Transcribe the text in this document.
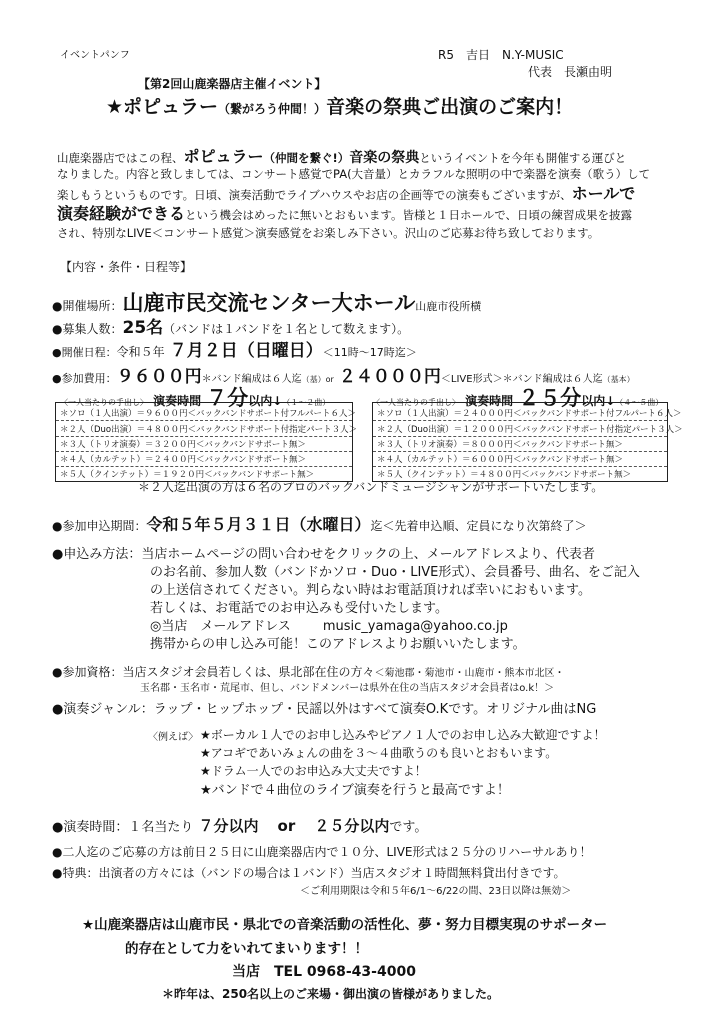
イベントパンフ	R5　吉日　N.Y-MUSIC
代表　長瀬由明
【第2回山鹿楽器店主催イベント】
★ポピュラー（繋がろう仲間！）音楽の祭典ご出演のご案内！
山鹿楽器店ではこの程、ポピュラー（仲間を繋ぐ!）音楽の祭典というイベントを今年も開催する運びと
なりました。内容と致しましては、コンサート感覚でPA(大音量）とカラフルな照明の中で楽器を演奏（歌う）して
楽しもうというものです。日頃、演奏活動でライブハウスやお店の企画等での演奏もございますが、ホールで
演奏経験ができるという機会はめったに無いとおもいます。皆様と１日ホールで、日頃の練習成果を披露
され、特別なLIVE＜コンサート感覚＞演奏感覚をお楽しみ下さい。沢山のご応募お待ち致しております。
【内容・条件・日程等】
●開催場所：山鹿市民交流センター大ホール山鹿市役所横
●募集人数：25名（バンドは１バンドを１名として数えます）。
●開催日程：令和５年 ７月２日（日曜日）＜11時〜17時迄＞
●参加費用：９６００円＊バンド編成は６人迄（基）or ２４０００円＜LIVE形式＞＊バンド編成は６人迄（基本）
〈一人当たりの手出し〉 演奏時間 ７分以内↓（１〜２曲）
＊ソロ（１人出演）＝９６００円＜バックバンドサポート付フルパート６人＞
＊２人（Duo出演）＝４８００円＜バックバンドサポート付指定パート３人＞
＊３人（トリオ演奏）＝３２００円＜バックバンドサポート無＞
＊４人（カルテット）＝２４００円＜バックバンドサポート無＞
＊５人（クインテット）＝１９２０円＜バックバンドサポート無＞
〈一人当たりの手出し〉 演奏時間 ２５分以内↓（４〜５曲）
＊ソロ（１人出演）＝２４０００円＜バックバンドサポート付フルパート６人＞
＊２人（Duo出演）＝１２０００円＜バックバンドサポート付指定パート３人＞
＊３人（トリオ演奏）＝８０００円＜バックバンドサポート無＞
＊４人（カルテット）＝６０００円＜バックバンドサポート無＞
＊５人（クインテット）＝４８００円＜バックバンドサポート無＞
＊２人迄出演の方は６名のプロのバックバンドミュージシャンがサポートいたします。
●参加申込期間：令和５年５月３１日（水曜日）迄＜先着申込順、定員になり次第終了＞
●申込み方法：当店ホームページの問い合わせをクリックの上、メールアドレスより、代表者
のお名前、参加人数（バンドかソロ・Duo・LIVE形式）、会員番号、曲名、をご記入
の上送信されてください。判らない時はお電話頂ければ幸いにおもいます。
若しくは、お電話でのお申込みも受付いたします。
◎当店　メールアドレス music_yamaga@yahoo.co.jp
携帯からの申し込み可能！このアドレスよりお願いいたします。
●参加資格：当店スタジオ会員若しくは、県北部在住の方々＜菊池郡・菊池市・山鹿市・熊本市北区・
玉名郡・玉名市・荒尾市、但し、バンドメンバーは県外在住の当店スタジオ会員者はo.k！＞
●演奏ジャンル：ラップ・ヒップホップ・民謡以外はすべて演奏O.Kです。オリジナル曲はNG
〈例えば〉 ★ボーカル１人でのお申し込みやピアノ１人でのお申し込み大歓迎ですよ！
★アコギであいみょんの曲を３〜４曲歌うのも良いとおもいます。
★ドラム一人でのお申込み大丈夫ですよ！
★バンドで４曲位のライブ演奏を行うと最高ですよ！
●演奏時間：１名当たり ７分以内 or ２５分以内です。
●二人迄のご応募の方は前日２５日に山鹿楽器店内で１０分、LIVE形式は２５分のリハーサルあり！
●特典：出演者の方々には（バンドの場合は１バンド）当店スタジオ１時間無料貸出付きです。
＜ご利用期限は令和５年6/1〜6/22の間、23日以降は無効＞
★山鹿楽器店は山鹿市民・県北での音楽活動の活性化、夢・努力目標実現のサポーター
的存在として力をいれてまいります！！
当店　TEL 0968-43-4000
＊昨年は、250名以上のご来場・御出演の皆様がありました。
